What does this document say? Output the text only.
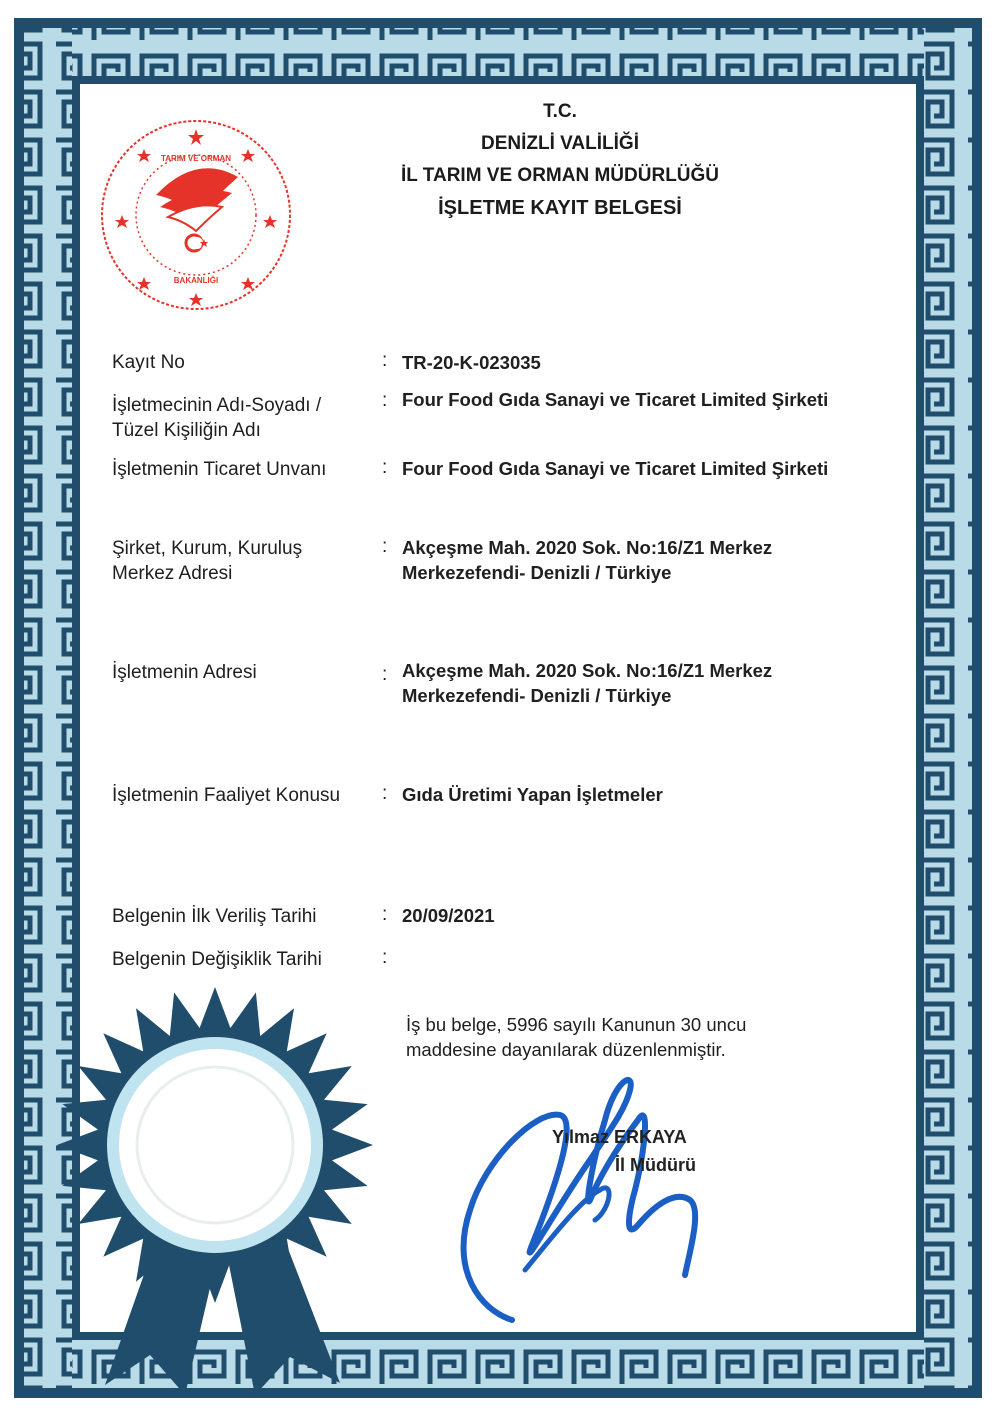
TARIM VE ORMAN
BAKANLIĞI
T.C.
DENİZLİ VALİLİĞİ
İL TARIM VE ORMAN MÜDÜRLÜĞÜ
İŞLETME KAYIT BELGESİ
Kayıt No	: TR-20-K-023035
İşletmecinin Adı-Soyadı /
Tüzel Kişiliğin Adı
: Four Food Gıda Sanayi ve Ticaret Limited Şirketi
İşletmenin Ticaret Unvanı	: Four Food Gıda Sanayi ve Ticaret Limited Şirketi
Şirket, Kurum, Kuruluş
Merkez Adresi
: Akçeşme Mah. 2020 Sok. No:16/Z1 Merkez
Merkezefendi- Denizli / Türkiye
İşletmenin Adresi	: Akçeşme Mah. 2020 Sok. No:16/Z1 Merkez
Merkezefendi- Denizli / Türkiye
İşletmenin Faaliyet Konusu : Gıda Üretimi Yapan İşletmeler
Belgenin İlk Veriliş Tarihi	: 20/09/2021
Belgenin Değişiklik Tarihi	:
İş bu belge, 5996 sayılı Kanunun 30 uncu
maddesine dayanılarak düzenlenmiştir.
Yılmaz ERKAYA
İl Müdürü
